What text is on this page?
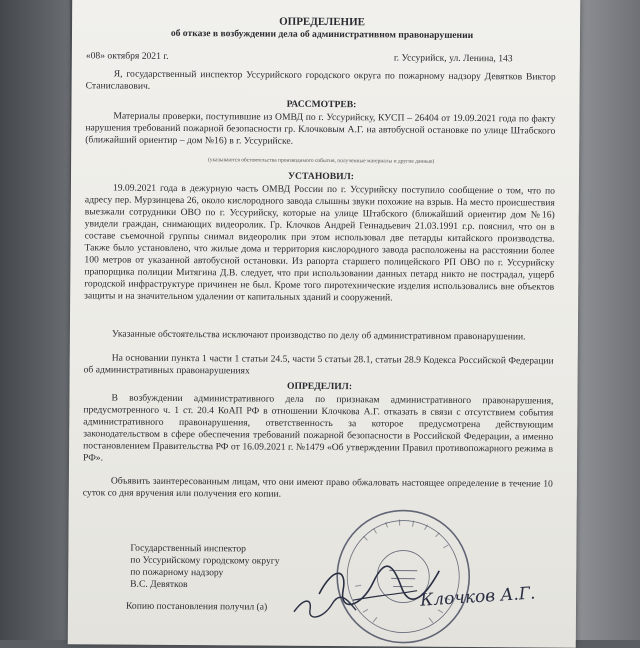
ОПРЕДЕЛЕНИЕ
об отказе в возбуждении дела об административном правонарушении
«08» октября 2021 г.	г. Уссурийск, ул. Ленина, 143
Я, государственный инспектор Уссурийского городского округа по пожарному надзору Девятков Виктор Станиславович.
РАССМОТРЕВ:
Материалы проверки, поступившие из ОМВД по г. Уссурийску, КУСП – 26404 от 19.09.2021 года по факту нарушения требований пожарной безопасности гр. Клочковым А.Г. на автобусной остановке по улице Штабского (ближайший ориентир – дом №16) в г. Уссурийске.
(указываются обстоятельства производимого события, полученные материалы и другие данные)
УСТАНОВИЛ:
19.09.2021 года в дежурную часть ОМВД России по г. Уссурийску поступило сообщение о том, что по адресу пер. Мурзинцева 26, около кислородного завода слышны звуки похожие на взрыв. На место происшествия выезжали сотрудники ОВО по г. Уссурийску, которые на улице Штабского (ближайший ориентир дом №16) увидели граждан, снимающих видеоролик. Гр. Клочков Андрей Геннадьевич 21.03.1991 г.р. пояснил, что он в составе съемочной группы снимал видеоролик при этом использовал две петарды китайского производства. Также было установлено, что жилые дома и территория кислородного завода расположены на расстоянии более 100 метров от указанной автобусной остановки. Из рапорта старшего полицейского РП ОВО по г. Уссурийску прапорщика полиции Митягина Д.В. следует, что при использовании данных петард никто не пострадал, ущерб городской инфраструктуре причинен не был. Кроме того пиротехнические изделия использовались вне объектов защиты и на значительном удалении от капитальных зданий и сооружений.
Указанные обстоятельства исключают производство по делу об административном правонарушении.
На основании пункта 1 части 1 статьи 24.5, части 5 статьи 28.1, статьи 28.9 Кодекса Российской Федерации об административных правонарушениях
ОПРЕДЕЛИЛ:
В возбуждении административного дела по признакам административного правонарушения, предусмотренного ч. 1 ст. 20.4 КоАП РФ в отношении Клочкова А.Г. отказать в связи с отсутствием события административного правонарушения, ответственность за которое предусмотрена действующим законодательством в сфере обеспечения требований пожарной безопасности в Российской Федерации, а именно постановлением Правительства РФ от 16.09.2021 г. №1479 «Об утверждении Правил противопожарного режима в РФ».
Объявить заинтересованным лицам, что они имеют право обжаловать настоящее определение в течение 10 суток со дня вручения или получения его копии.
Государственный инспектор
по Уссурийскому городскому округу
по пожарному надзору
В.С. Девятков
Копию постановления получил (а)	Клочков А.Г.
